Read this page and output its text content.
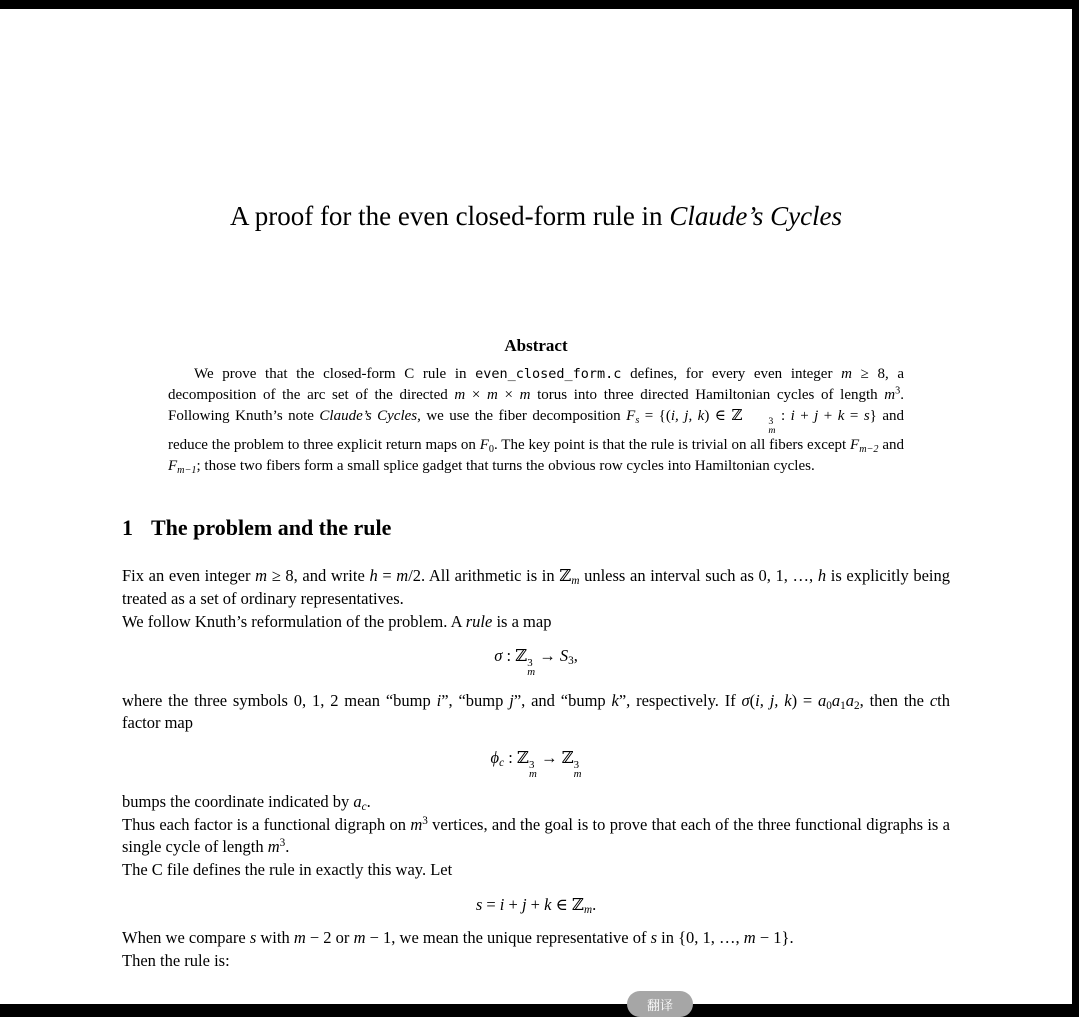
A proof for the even closed-form rule in Claude’s Cycles
Abstract

We prove that the closed-form C rule in even_closed_form.c defines, for every even integer m ≥ 8, a decomposition of the arc set of the directed m × m × m torus into three directed Hamiltonian cycles of length $m^3$. Following Knuth’s note Claude’s Cycles, we use the fiber decomposition $F_s = \{(i$, j, k) ∈ ℤ	3
m
: i + j + k = s} and reduce the problem to three explicit return maps on $F_0$. The key point is that the rule is trivial on all fibers except $F_{m-2}$ and $F_{m-1}$; those two fibers form a small splice gadget that turns the obvious row cycles into Hamiltonian cycles.

1 The problem and the rule

Fix an even integer m ≥ 8, and write h = m/2. All arithmetic is in ℤ$_m$ unless an interval such as 0, 1, …, h is explicitly being treated as a set of ordinary representatives.

We follow Knuth’s reformulation of the problem. A rule is a map

σ : ℤ 3
m
→ $S_3$,

where the three symbols 0, 1, 2 mean “bump i”, “bump j”, and “bump k”, respectively. If σ(i, j, $k) = a_0a_1a_2$, then the cth factor map

$\phi_c$ : ℤ 3
m
→ ℤ 3
m

bumps the coordinate indicated by $a_c$.

Thus each factor is a functional digraph on $m^3$ vertices, and the goal is to prove that each of the three functional digraphs is a single cycle of length $m^3$.

The C file defines the rule in exactly this way. Let

s = i + j + k ∈ ℤ$_m$.

When we compare s with m − 2 or m − 1, we mean the unique representative of s in {0, 1, …, m − 1}.

Then the rule is:

翻译
